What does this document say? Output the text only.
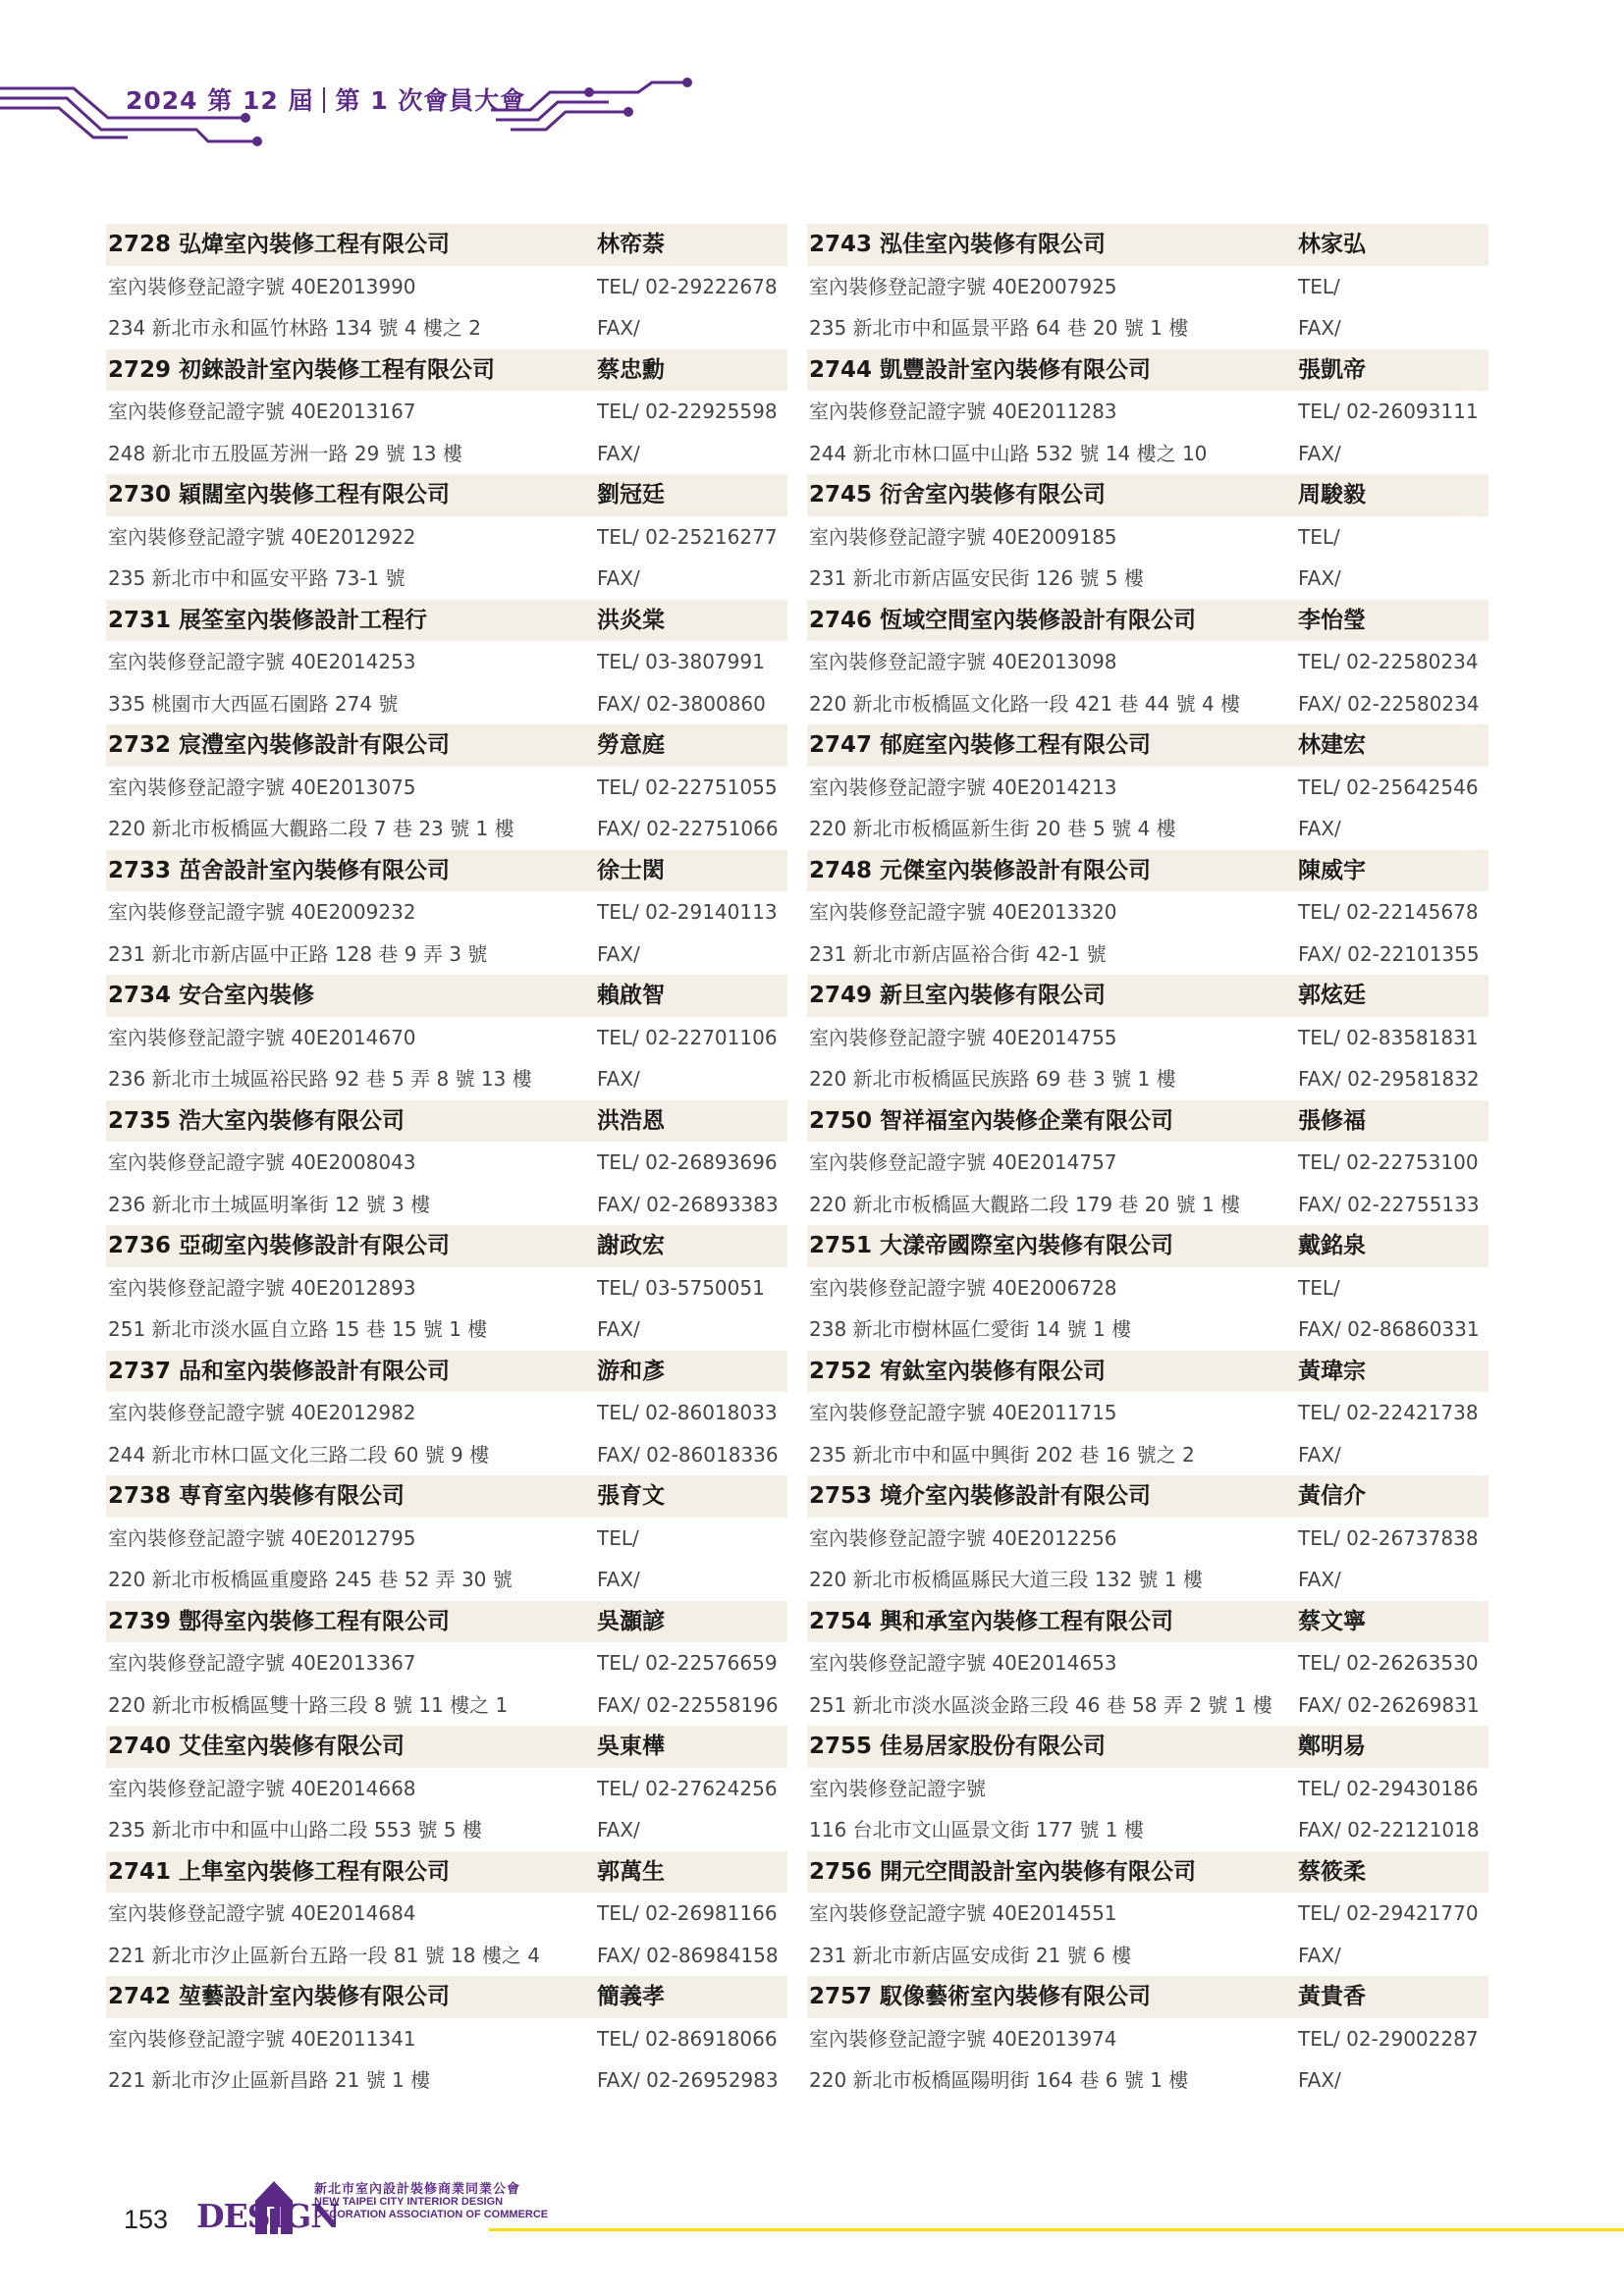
2024 第 12 屆 第 1 次會員大會
2728 弘煒室內裝修工程有限公司	林帟萘
室內裝修登記證字號 40E2013990	TEL/ 02-29222678
234 新北市永和區竹林路 134 號 4 樓之 2	FAX/
2729 初錸設計室內裝修工程有限公司	蔡忠勳
室內裝修登記證字號 40E2013167	TEL/ 02-22925598
248 新北市五股區芳洲一路 29 號 13 樓	FAX/
2730 穎闊室內裝修工程有限公司	劉冠廷
室內裝修登記證字號 40E2012922	TEL/ 02-25216277
235 新北市中和區安平路 73-1 號	FAX/
2731 展筌室內裝修設計工程行	洪炎棠
室內裝修登記證字號 40E2014253	TEL/ 03-3807991
335 桃園市大西區石園路 274 號	FAX/ 02-3800860
2732 宸澧室內裝修設計有限公司	勞意庭
室內裝修登記證字號 40E2013075	TEL/ 02-22751055
220 新北市板橋區大觀路二段 7 巷 23 號 1 樓	FAX/ 02-22751066
2733 茁舍設計室內裝修有限公司	徐士閎
室內裝修登記證字號 40E2009232	TEL/ 02-29140113
231 新北市新店區中正路 128 巷 9 弄 3 號	FAX/
2734 安合室內裝修	賴啟智
室內裝修登記證字號 40E2014670	TEL/ 02-22701106
236 新北市土城區裕民路 92 巷 5 弄 8 號 13 樓	FAX/
2735 浩大室內裝修有限公司	洪浩恩
室內裝修登記證字號 40E2008043	TEL/ 02-26893696
236 新北市土城區明峯街 12 號 3 樓	FAX/ 02-26893383
2736 亞砌室內裝修設計有限公司	謝政宏
室內裝修登記證字號 40E2012893	TEL/ 03-5750051
251 新北市淡水區自立路 15 巷 15 號 1 樓	FAX/
2737 品和室內裝修設計有限公司	游和彥
室內裝修登記證字號 40E2012982	TEL/ 02-86018033
244 新北市林口區文化三路二段 60 號 9 樓	FAX/ 02-86018336
2738 専育室內裝修有限公司	張育文
室內裝修登記證字號 40E2012795	TEL/
220 新北市板橋區重慶路 245 巷 52 弄 30 號	FAX/
2739 鄷得室內裝修工程有限公司	吳灝諺
室內裝修登記證字號 40E2013367	TEL/ 02-22576659
220 新北市板橋區雙十路三段 8 號 11 樓之 1	FAX/ 02-22558196
2740 艾佳室內裝修有限公司	吳東樺
室內裝修登記證字號 40E2014668	TEL/ 02-27624256
235 新北市中和區中山路二段 553 號 5 樓	FAX/
2741 上隼室內裝修工程有限公司	郭萬生
室內裝修登記證字號 40E2014684	TEL/ 02-26981166
221 新北市汐止區新台五路一段 81 號 18 樓之 4	FAX/ 02-86984158
2742 堃藝設計室內裝修有限公司	簡義孝
室內裝修登記證字號 40E2011341	TEL/ 02-86918066
221 新北市汐止區新昌路 21 號 1 樓	FAX/ 02-26952983
2743 泓佳室內裝修有限公司	林家弘
室內裝修登記證字號 40E2007925	TEL/
235 新北市中和區景平路 64 巷 20 號 1 樓	FAX/
2744 凱豐設計室內裝修有限公司	張凱帝
室內裝修登記證字號 40E2011283	TEL/ 02-26093111
244 新北市林口區中山路 532 號 14 樓之 10	FAX/
2745 衍舍室內裝修有限公司	周駿毅
室內裝修登記證字號 40E2009185	TEL/
231 新北市新店區安民街 126 號 5 樓	FAX/
2746 恆域空間室內裝修設計有限公司	李怡瑩
室內裝修登記證字號 40E2013098	TEL/ 02-22580234
220 新北市板橋區文化路一段 421 巷 44 號 4 樓	FAX/ 02-22580234
2747 郁庭室內裝修工程有限公司	林建宏
室內裝修登記證字號 40E2014213	TEL/ 02-25642546
220 新北市板橋區新生街 20 巷 5 號 4 樓	FAX/
2748 元傑室內裝修設計有限公司	陳威宇
室內裝修登記證字號 40E2013320	TEL/ 02-22145678
231 新北市新店區裕合街 42-1 號	FAX/ 02-22101355
2749 新旦室內裝修有限公司	郭炫廷
室內裝修登記證字號 40E2014755	TEL/ 02-83581831
220 新北市板橋區民族路 69 巷 3 號 1 樓	FAX/ 02-29581832
2750 智祥福室內裝修企業有限公司	張修福
室內裝修登記證字號 40E2014757	TEL/ 02-22753100
220 新北市板橋區大觀路二段 179 巷 20 號 1 樓	FAX/ 02-22755133
2751 大漾帝國際室內裝修有限公司	戴銘泉
室內裝修登記證字號 40E2006728	TEL/
238 新北市樹林區仁愛街 14 號 1 樓	FAX/ 02-86860331
2752 宥鈦室內裝修有限公司	黃瑋宗
室內裝修登記證字號 40E2011715	TEL/ 02-22421738
235 新北市中和區中興街 202 巷 16 號之 2	FAX/
2753 境介室內裝修設計有限公司	黃信介
室內裝修登記證字號 40E2012256	TEL/ 02-26737838
220 新北市板橋區縣民大道三段 132 號 1 樓	FAX/
2754 興和承室內裝修工程有限公司	蔡文寧
室內裝修登記證字號 40E2014653	TEL/ 02-26263530
251 新北市淡水區淡金路三段 46 巷 58 弄 2 號 1 樓 FAX/ 02-26269831
2755 佳易居家股份有限公司	鄭明易
室內裝修登記證字號	TEL/ 02-29430186
116 台北市文山區景文街 177 號 1 樓	FAX/ 02-22121018
2756 開元空間設計室內裝修有限公司	蔡筱柔
室內裝修登記證字號 40E2014551	TEL/ 02-29421770
231 新北市新店區安成街 21 號 6 樓	FAX/
2757 馭像藝術室內裝修有限公司	黃貴香
室內裝修登記證字號 40E2013974	TEL/ 02-29002287
220 新北市板橋區陽明街 164 巷 6 號 1 樓	FAX/
153 DESIGN
新北市室內設計裝修商業同業公會
NEW TAIPEI CITY INTERIOR DESIGN
DECORATION ASSOCIATION OF COMMERCE
